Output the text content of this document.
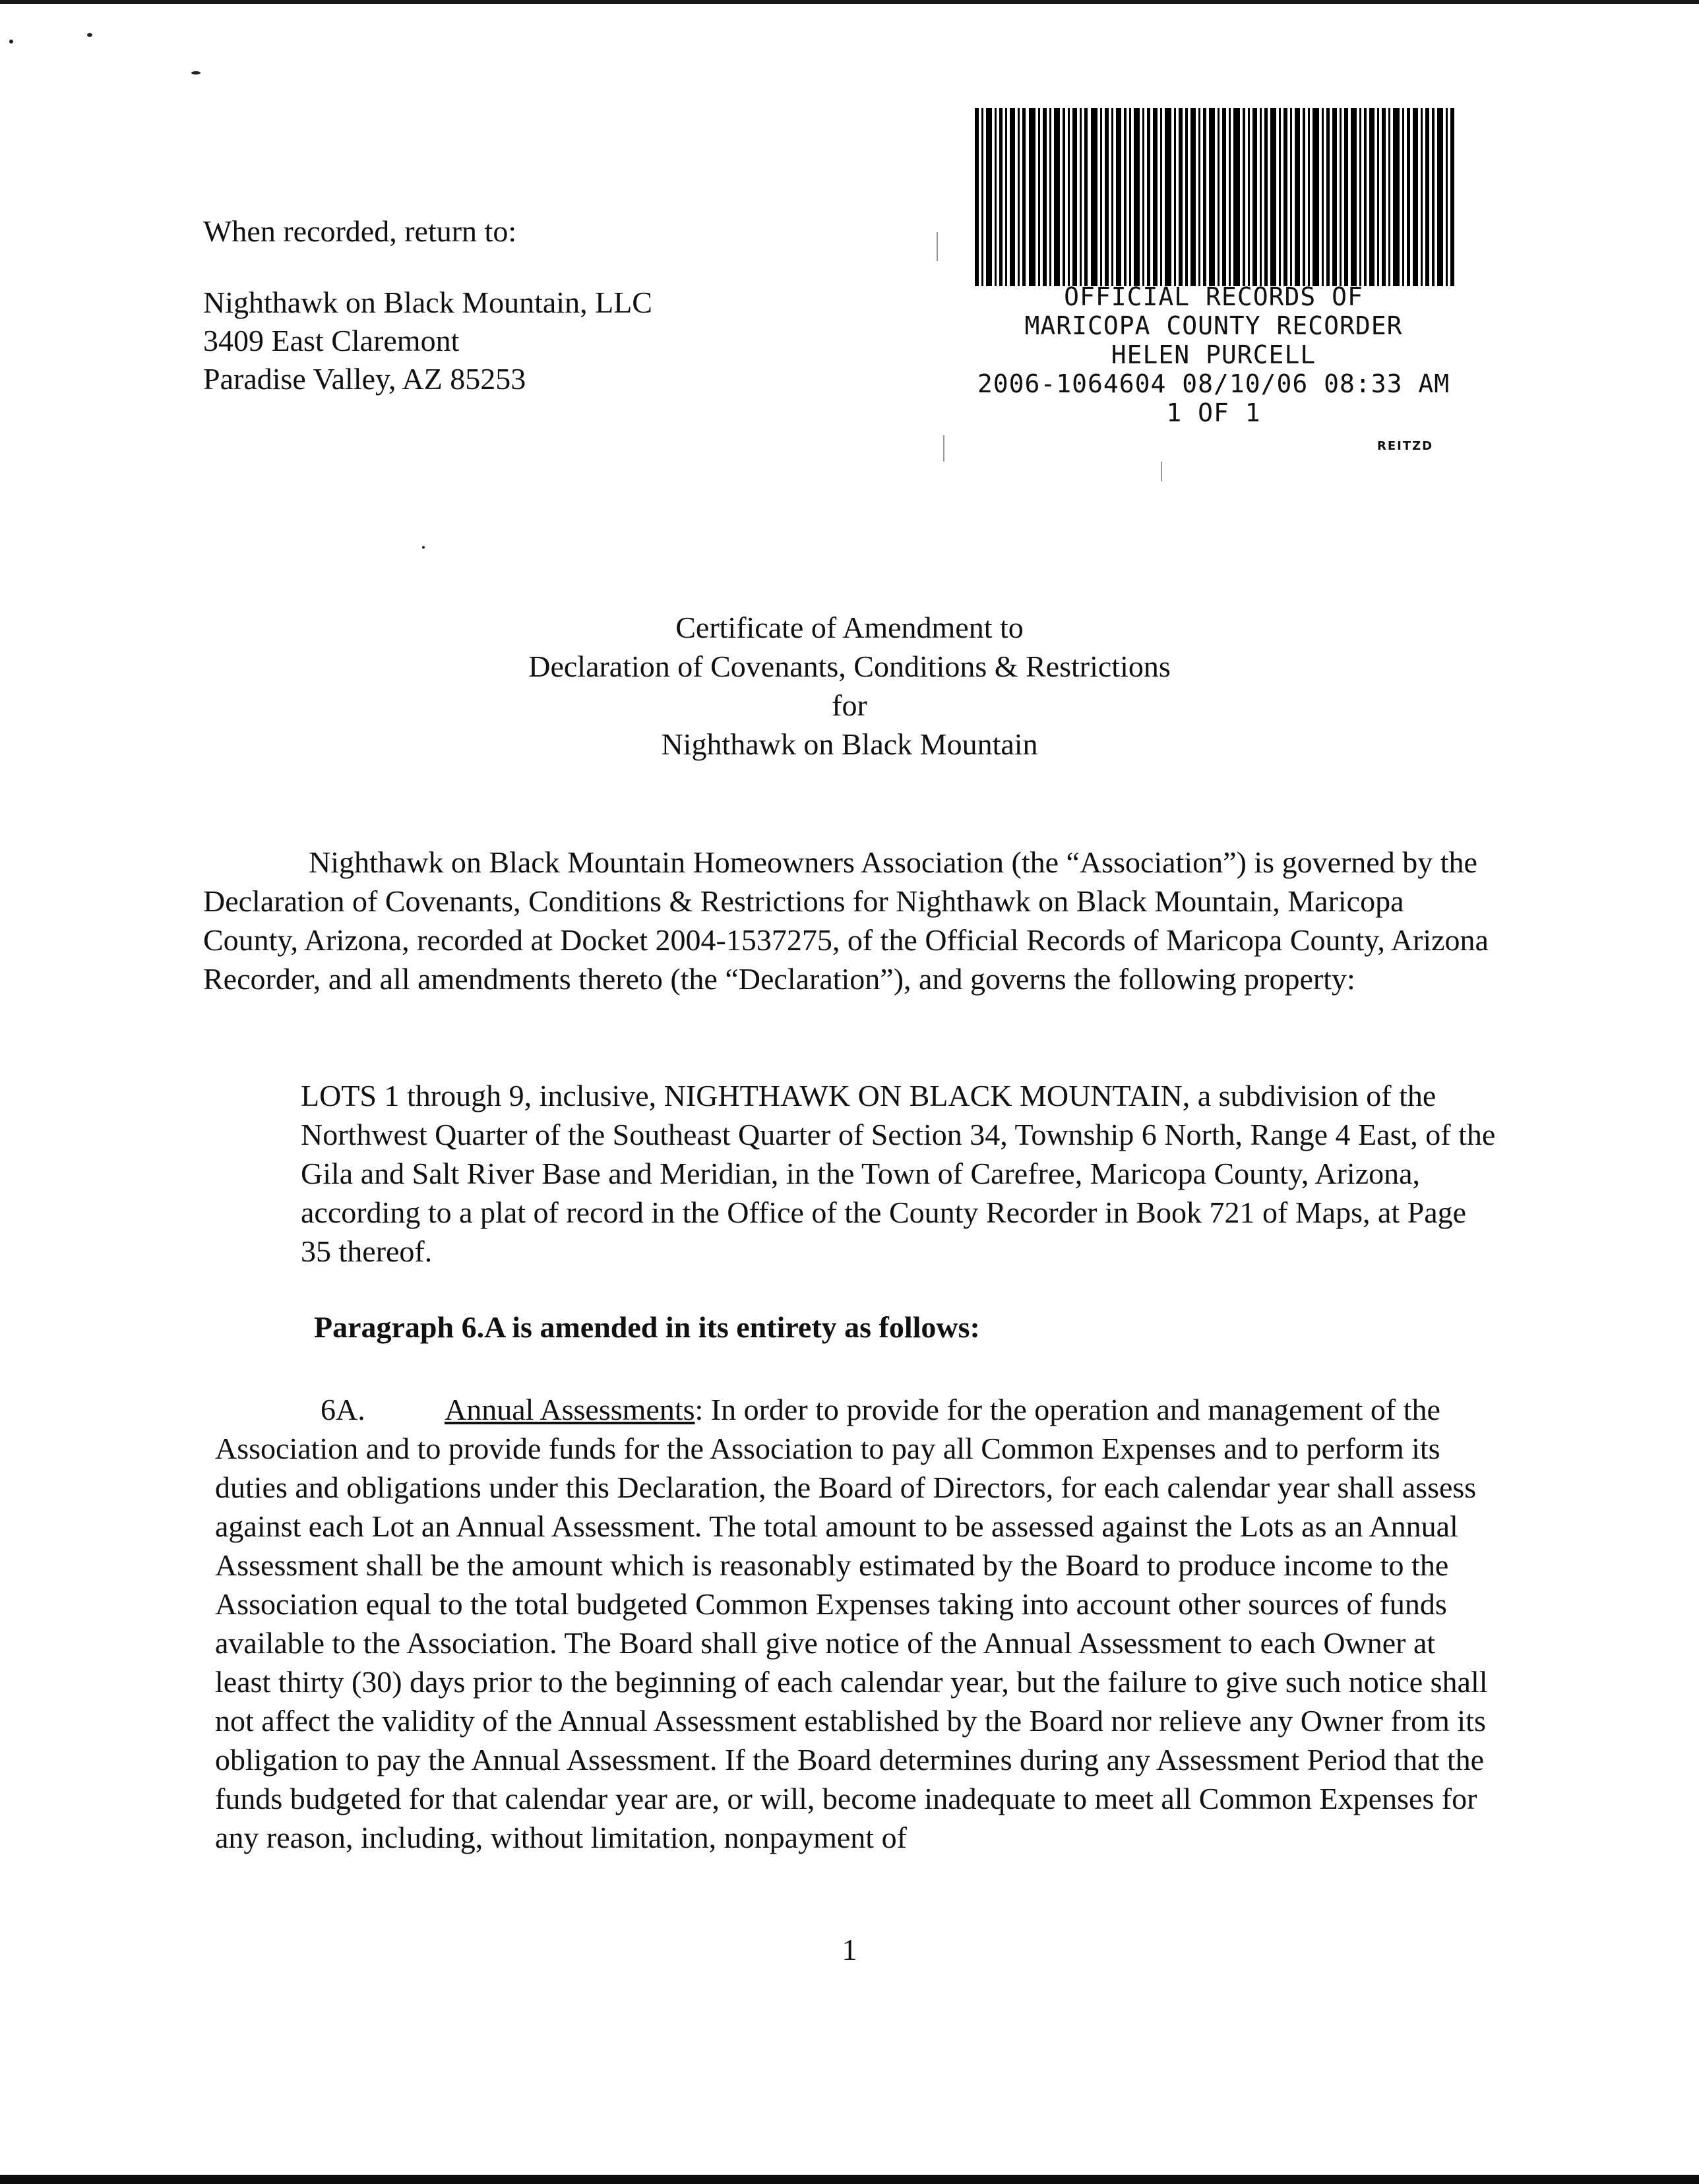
When recorded, return to:
Nighthawk on Black Mountain, LLC
3409 East Claremont
Paradise Valley, AZ 85253
OFFICIAL RECORDS OF
MARICOPA COUNTY RECORDER
HELEN PURCELL
2006-1064604 08/10/06 08:33 AM
1 OF 1
REITZD
Certificate of Amendment to
Declaration of Covenants, Conditions & Restrictions
for
Nighthawk on Black Mountain
Nighthawk on Black Mountain Homeowners Association (the “Association”) is governed by the Declaration of Covenants, Conditions & Restrictions for Nighthawk on Black Mountain, Maricopa County, Arizona, recorded at Docket 2004-1537275, of the Official Records of Maricopa County, Arizona Recorder, and all amendments thereto (the “Declaration”), and governs the following property:
LOTS 1 through 9, inclusive, NIGHTHAWK ON BLACK MOUNTAIN, a subdivision of the Northwest Quarter of the Southeast Quarter of Section 34, Township 6 North, Range 4 East, of the Gila and Salt River Base and Meridian, in the Town of Carefree, Maricopa County, Arizona, according to a plat of record in the Office of the County Recorder in Book 721 of Maps, at Page 35 thereof.
Paragraph 6.A is amended in its entirety as follows:
6A.	Annual Assessments: In order to provide for the operation and management of the Association and to provide funds for the Association to pay all Common Expenses and to perform its duties and obligations under this Declaration, the Board of Directors, for each calendar year shall assess against each Lot an Annual Assessment. The total amount to be assessed against the Lots as an Annual Assessment shall be the amount which is reasonably estimated by the Board to produce income to the Association equal to the total budgeted Common Expenses taking into account other sources of funds available to the Association. The Board shall give notice of the Annual Assessment to each Owner at least thirty (30) days prior to the beginning of each calendar year, but the failure to give such notice shall not affect the validity of the Annual Assessment established by the Board nor relieve any Owner from its obligation to pay the Annual Assessment. If the Board determines during any Assessment Period that the funds budgeted for that calendar year are, or will, become inadequate to meet all Common Expenses for any reason, including, without limitation, nonpayment of
1
